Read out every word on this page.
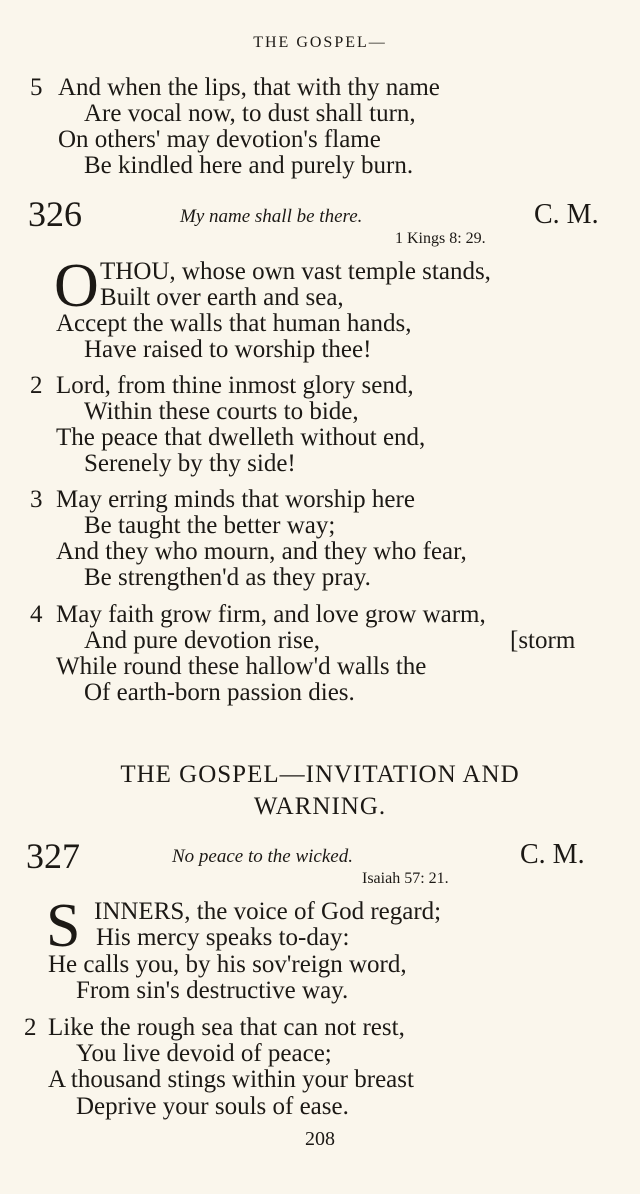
THE GOSPEL—
5 And when the lips, that with thy name
Are vocal now, to dust shall turn,
On others' may devotion's flame
Be kindled here and purely burn.
326	My name shall be there.	C. M.
1 Kings 8: 29.
O THOU, whose own vast temple stands,
Built over earth and sea,
Accept the walls that human hands,
Have raised to worship thee!
2 Lord, from thine inmost glory send,
Within these courts to bide,
The peace that dwelleth without end,
Serenely by thy side!
3 May erring minds that worship here
Be taught the better way;
And they who mourn, and they who fear,
Be strengthen'd as they pray.
4 May faith grow firm, and love grow warm,
And pure devotion rise,	[storm
While round these hallow'd walls the
Of earth-born passion dies.
THE GOSPEL—INVITATION AND
WARNING.
327	No peace to the wicked.	C. M.
Isaiah 57: 21.
S INNERS, the voice of God regard;
His mercy speaks to-day:
He calls you, by his sov'reign word,
From sin's destructive way.
2 Like the rough sea that can not rest,
You live devoid of peace;
A thousand stings within your breast
Deprive your souls of ease.
208
